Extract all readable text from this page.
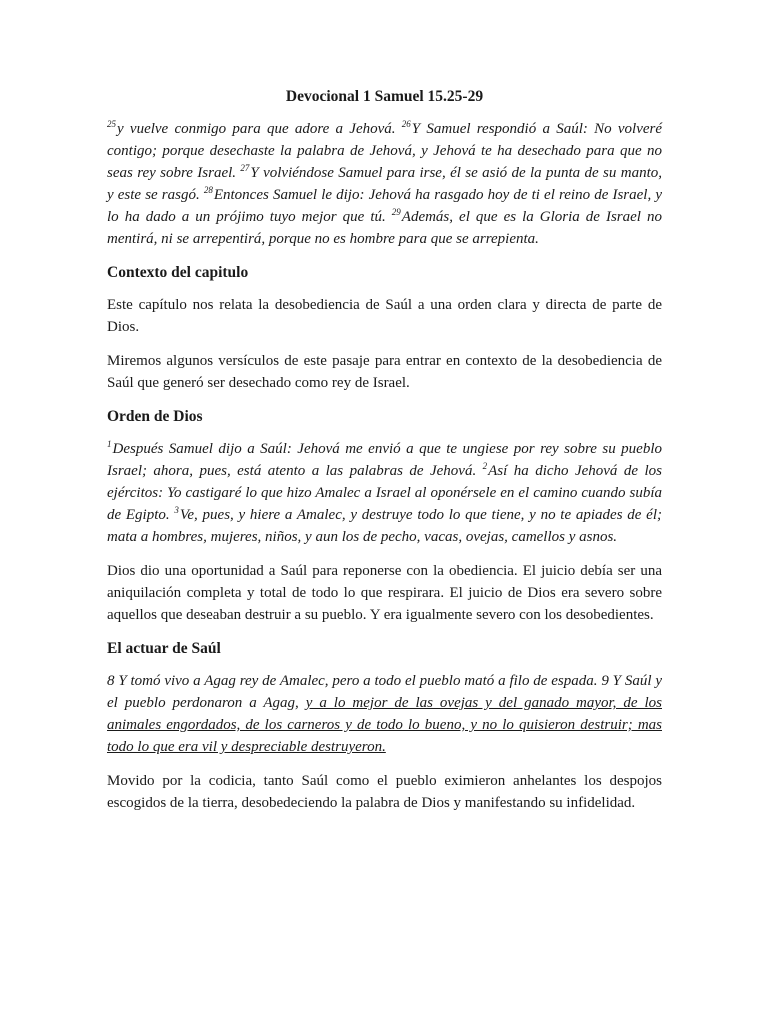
Devocional 1 Samuel 15.25-29

$^{25}$y vuelve conmigo para que adore a Jehová. $^{26}$Y Samuel respondió a Saúl: No volveré contigo; porque desechaste la palabra de Jehová, y Jehová te ha desechado para que no seas rey sobre Israel. $^{27}$Y volviéndose Samuel para irse, él se asió de la punta de su manto, y este se rasgó. $^{28}$Entonces Samuel le dijo: Jehová ha rasgado hoy de ti el reino de Israel, y lo ha dado a un prójimo tuyo mejor que tú. $^{29}$Además, el que es la Gloria de Israel no mentirá, ni se arrepentirá, porque no es hombre para que se arrepienta.

Contexto del capitulo

Este capítulo nos relata la desobediencia de Saúl a una orden clara y directa de parte de Dios.

Miremos algunos versículos de este pasaje para entrar en contexto de la desobediencia de Saúl que generó ser desechado como rey de Israel.

Orden de Dios

$^1$Después Samuel dijo a Saúl: Jehová me envió a que te ungiese por rey sobre su pueblo Israel; ahora, pues, está atento a las palabras de Jehová. $^2$Así ha dicho Jehová de los ejércitos: Yo castigaré lo que hizo Amalec a Israel al oponérsele en el camino cuando subía de Egipto. $^3$Ve, pues, y hiere a Amalec, y destruye todo lo que tiene, y no te apiades de él; mata a hombres, mujeres, niños, y aun los de pecho, vacas, ovejas, camellos y asnos.

Dios dio una oportunidad a Saúl para reponerse con la obediencia. El juicio debía ser una aniquilación completa y total de todo lo que respirara. El juicio de Dios era severo sobre aquellos que deseaban destruir a su pueblo. Y era igualmente severo con los desobedientes.

El actuar de Saúl

8 Y tomó vivo a Agag rey de Amalec, pero a todo el pueblo mató a filo de espada. 9 Y Saúl y el pueblo perdonaron a Agag, y a lo mejor de las ovejas y del ganado mayor, de los animales engordados, de los carneros y de todo lo bueno, y no lo quisieron destruir; mas todo lo que era vil y despreciable destruyeron.

Movido por la codicia, tanto Saúl como el pueblo eximieron anhelantes los despojos escogidos de la tierra, desobedeciendo la palabra de Dios y manifestando su infidelidad.
